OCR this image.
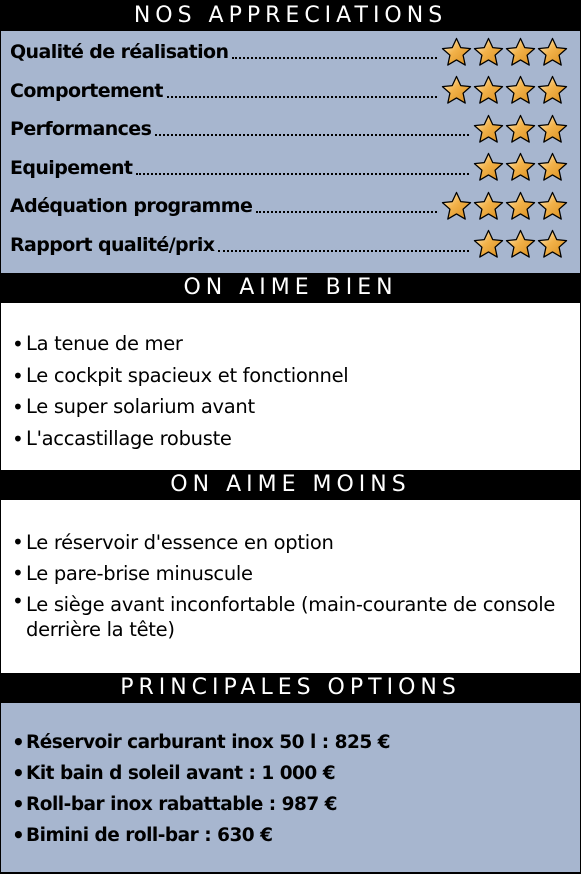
NOS APPRECIATIONS
Qualité de réalisation
Comportement
Performances
Equipement
Adéquation programme
Rapport qualité/prix
ON AIME BIEN
• La tenue de mer
• Le cockpit spacieux et fonctionnel
• Le super solarium avant
• L'accastillage robuste
ON AIME MOINS
• Le réservoir d'essence en option
• Le pare-brise minuscule
• Le siège avant inconfortable (main-courante de console derrière la tête)
PRINCIPALES OPTIONS
• Réservoir carburant inox 50 l : 825 €
• Kit bain d soleil avant : 1 000 €
• Roll-bar inox rabattable : 987 €
• Bimini de roll-bar : 630 €
